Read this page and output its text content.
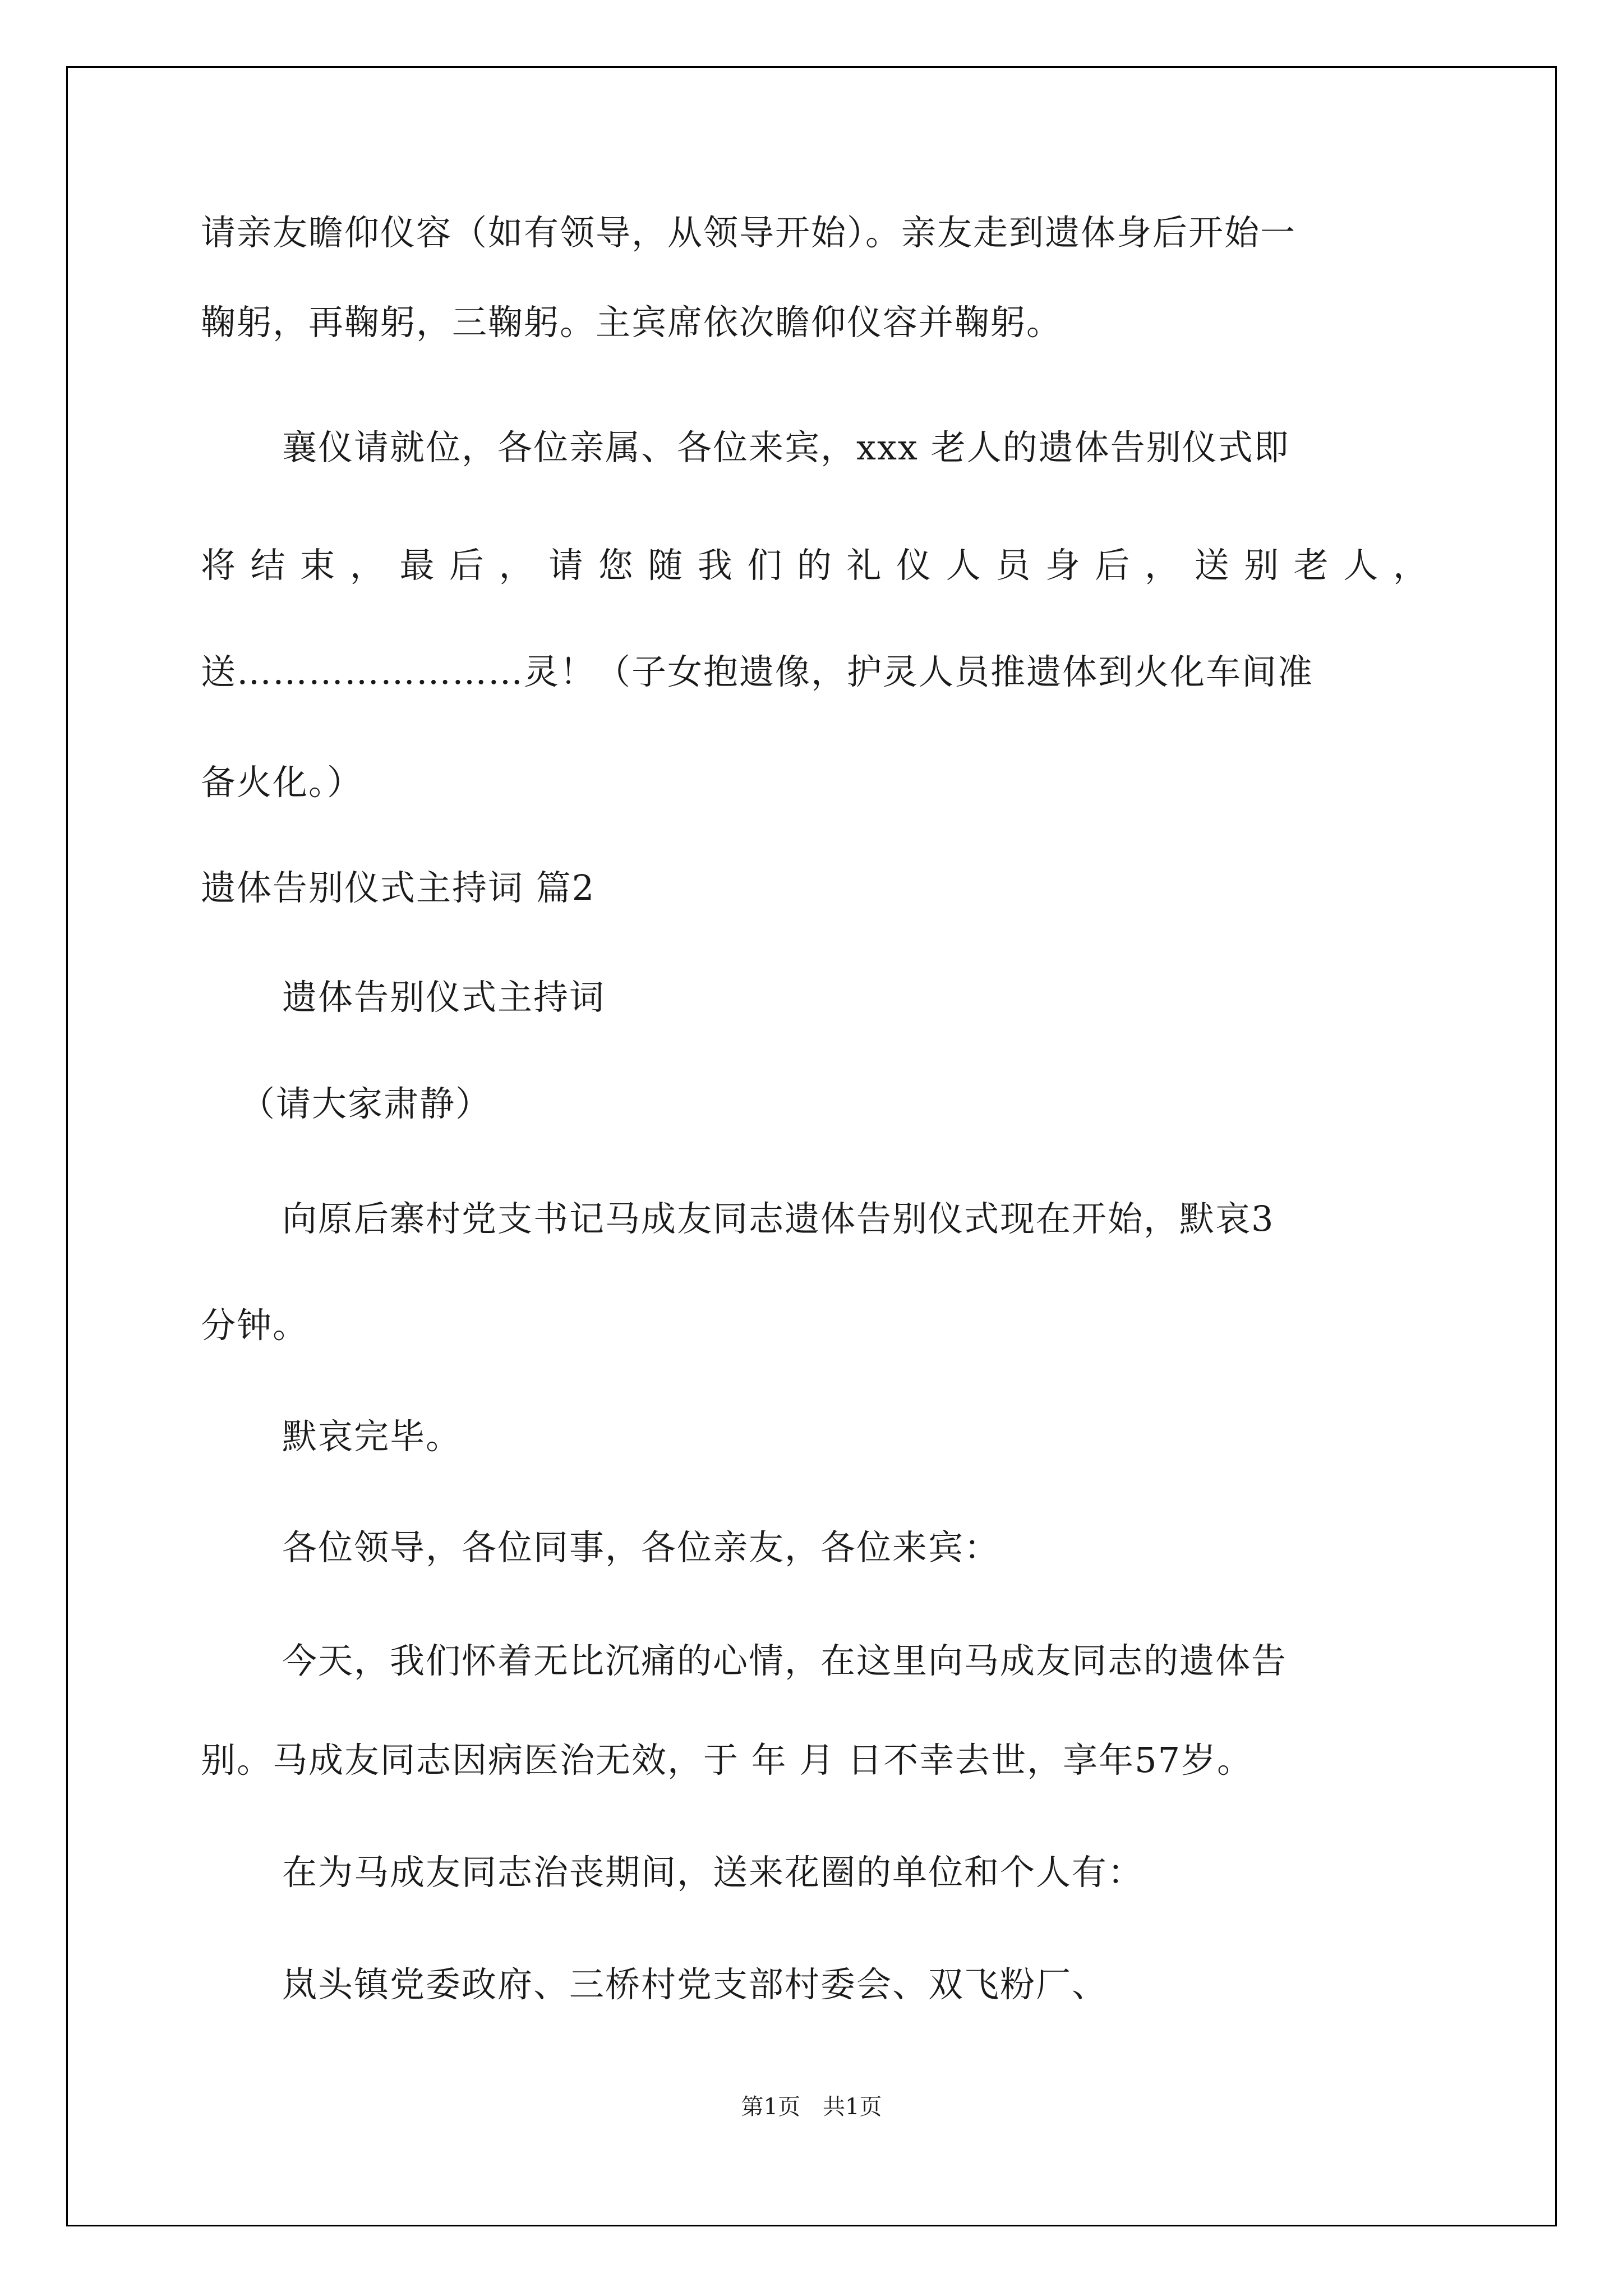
请亲友瞻仰仪容（如有领导，从领导开始）。亲友走到遗体身后开始一
鞠躬，再鞠躬，三鞠躬。主宾席依次瞻仰仪容并鞠躬。
襄仪请就位，各位亲属、各位来宾，xxx 老人的遗体告别仪式即
将 结 束 ， 最 后 ， 请 您 随 我 们 的 礼 仪 人 员 身 后 ， 送 别 老 人 ，
送……………………灵！（子女抱遗像，护灵人员推遗体到火化车间准
备火化。）
遗体告别仪式主持词 篇2
遗体告别仪式主持词
（请大家肃静）
向原后寨村党支书记马成友同志遗体告别仪式现在开始，默哀3
分钟。
默哀完毕。
各位领导，各位同事，各位亲友，各位来宾：
今天，我们怀着无比沉痛的心情，在这里向马成友同志的遗体告
别。马成友同志因病医治无效，于 年 月 日不幸去世，享年57岁。
在为马成友同志治丧期间，送来花圈的单位和个人有：
岚头镇党委政府、三桥村党支部村委会、双飞粉厂、
第1页　共1页
